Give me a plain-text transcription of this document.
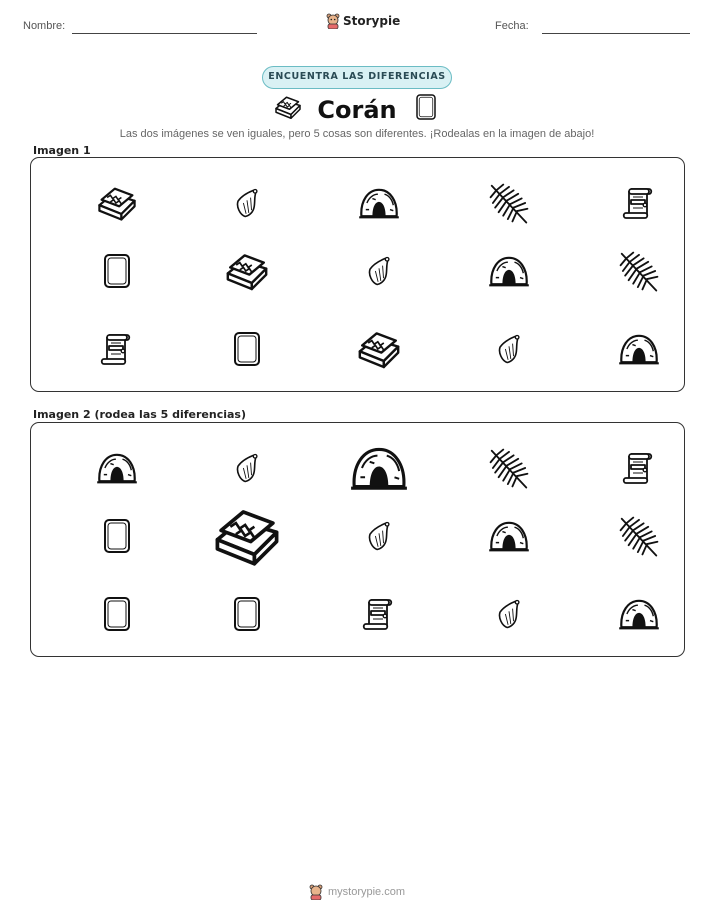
Nombre:	Storypie	Fecha:
ENCUENTRA LAS DIFERENCIAS
Corán
Las dos imágenes se ven iguales, pero 5 cosas son diferentes. ¡Rodealas en la imagen de abajo!
Imagen 1
Imagen 2 (rodea las 5 diferencias)
mystorypie.com
